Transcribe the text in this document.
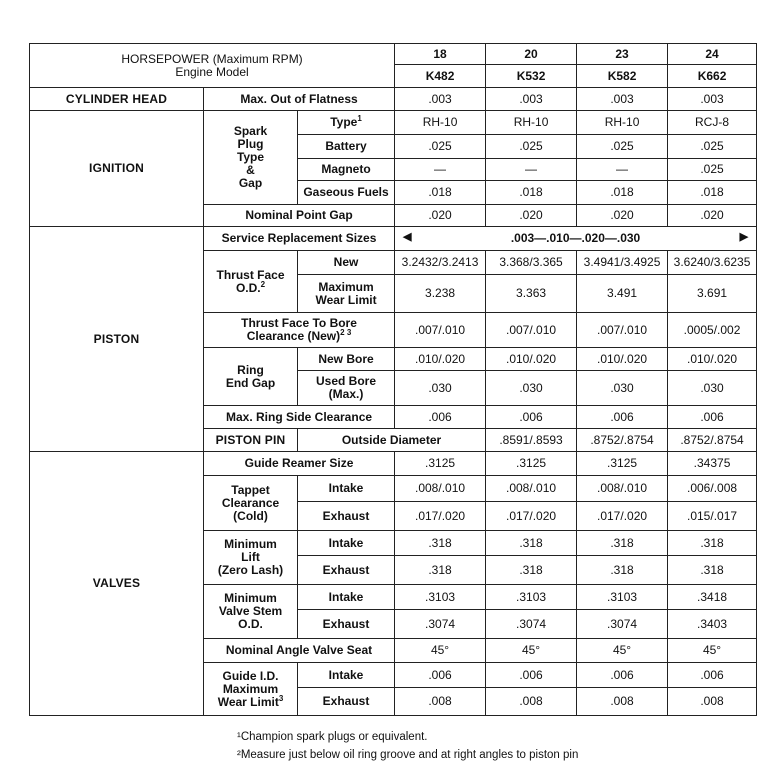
HORSEPOWER (Maximum RPM)
Engine Model			18	20	23	24	
			K482	K532	K582	K662	
CYLINDER HEAD	Max. Out of Flatness		.003	.003	.003	.003	
IGNITION	Spark
Plug
Type
&
Gap	Type$^1$	RH-10	RH-10	RH-10	RCJ-8	
		Battery	.025	.025	.025	.025	
		Magneto	—	—	—	.025	
		Gaseous Fuels	.018	.018	.018	.018	
	Nominal Point Gap		.020	.020	.020	.020	
PISTON	Service Replacement Sizes		◀ .003—.010—.020—.030 ▶				

	Thrust Face
O.D.$^2$	New	3.2432/3.2413	3.368/3.365	3.4941/3.4925	3.6240/3.6235	
		Maximum
Wear Limit	3.238	3.363	3.491	3.691	
	Thrust Face To Bore
Clearance (New)$^{2 3}$		.007/.010	.007/.010	.007/.010	.0005/.002	
	Ring
End Gap	New Bore	.010/.020	.010/.020	.010/.020	.010/.020	
		Used Bore
(Max.)	.030	.030	.030	.030	
	Max. Ring Side Clearance		.006	.006	.006	.006	
	PISTON PIN	Outside Diameter		.8591/.8593	.8752/.8754	.8752/.8754	
VALVES	Guide Reamer Size		.3125	.3125	.3125	.34375	
	Tappet
Clearance
(Cold)	Intake	.008/.010	.008/.010	.008/.010	.006/.008	
		Exhaust	.017/.020	.017/.020	.017/.020	.015/.017	
	Minimum
Lift
(Zero Lash)	Intake	.318	.318	.318	.318	
		Exhaust	.318	.318	.318	.318	
	Minimum
Valve Stem
O.D.	Intake	.3103	.3103	.3103	.3418	
		Exhaust	.3074	.3074	.3074	.3403	
	Nominal Angle Valve Seat		45°	45°	45°	45°	
	Guide I.D.
Maximum
Wear Limit$^3$	Intake	.006	.006	.006	.006	
		Exhaust	.008	.008	.008	.008	
¹Champion spark plugs or equivalent.
²Measure just below oil ring groove and at right angles to piston pin
